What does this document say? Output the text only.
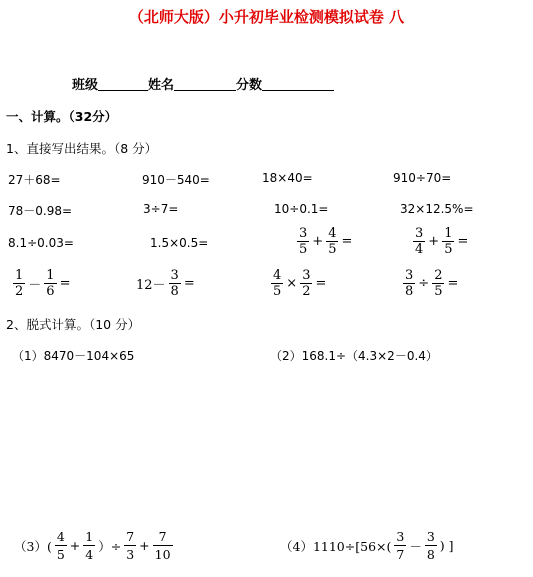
（北师大版）小升初毕业检测模拟试卷 八
班级	姓名	分数
一、计算。（32分）
1、直接写出结果。（8 分）
27＋68=	910－540=	18×40=	910÷70=
78－0.98=	3÷7=	10÷0.1=	32×12.5%=
8.1÷0.03=	1.5×0.5=	$\frac{3}{5} + \frac{4}{5}$ =	$\frac{3}{4} + \frac{1}{5}$ =
$\frac{1}{2} - \frac{1}{6}$ =	$12- \frac{3}{8}$ =	$\frac{4}{5} \times \frac{3}{2}$ =	$\frac{3}{8} \div \frac{2}{5}$ =
2、脱式计算。（10 分）
（1）8470－104×65	（2）168.1÷（4.3×2－0.4）
$(3)( \frac{4}{5} + \frac{1}{4}$ ）÷ $\frac{7}{3} + \frac{7}{10}$	$(4)1110\div[56\times( \frac{3}{7} - \frac{3}{8}$ ) ]
